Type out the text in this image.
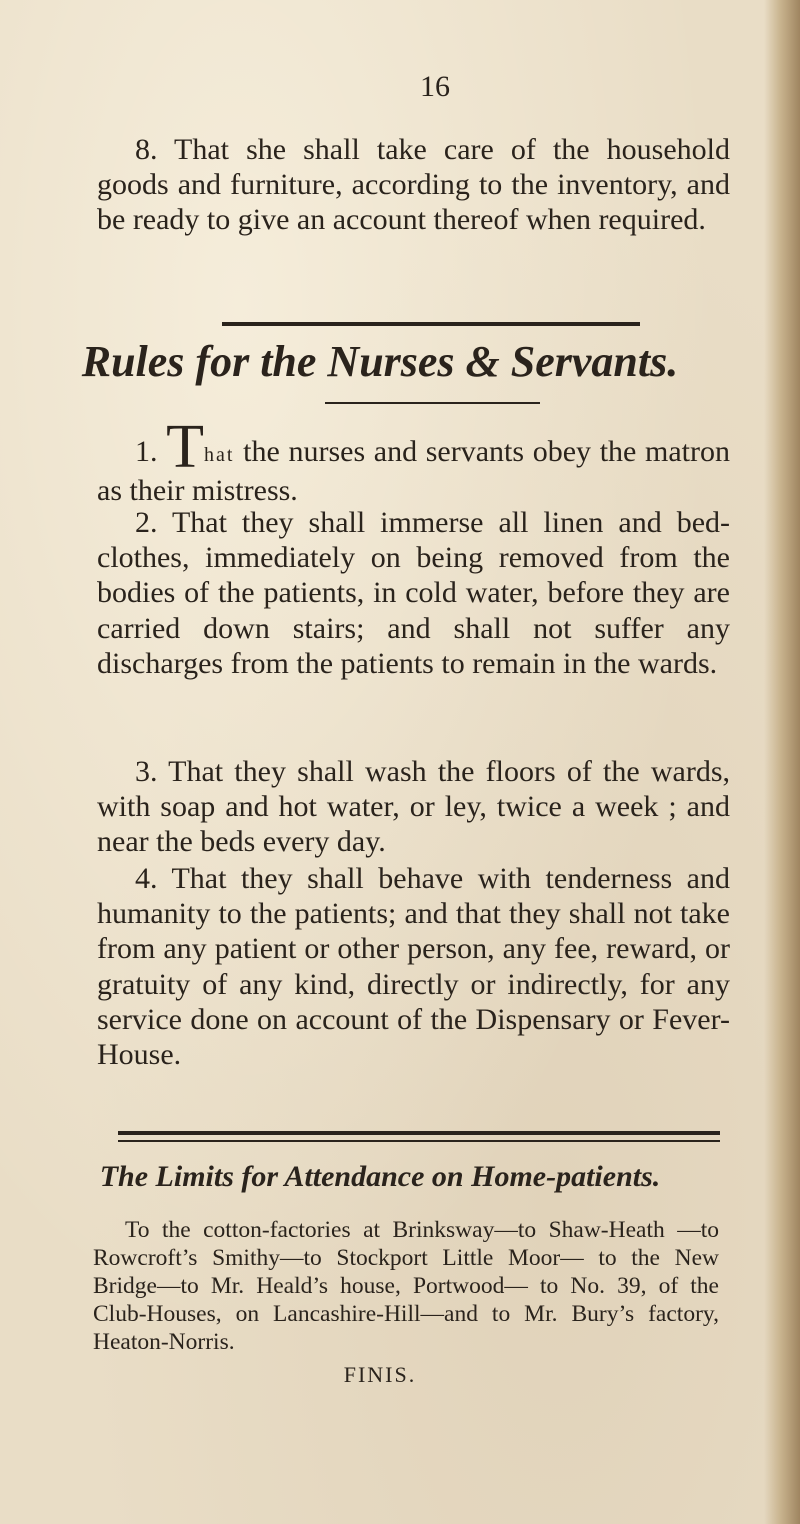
16

8. That she shall take care of the household goods and furniture, according to the inventory, and be ready to give an account thereof when required.

Rules for the Nurses & Servants.

1. That the nurses and servants obey the matron as their mistress.

2. That they shall immerse all linen and bed-clothes, immediately on being removed from the bodies of the patients, in cold water, before they are carried down stairs; and shall not suffer any discharges from the patients to remain in the wards.

3. That they shall wash the floors of the wards, with soap and hot water, or ley, twice a week ; and near the beds every day.

4. That they shall behave with tenderness and humanity to the patients; and that they shall not take from any patient or other person, any fee, reward, or gratuity of any kind, directly or indirectly, for any service done on account of the Dispensary or Fever-House.

The Limits for Attendance on Home-patients.

To the cotton-factories at Brinksway—to Shaw-Heath —to Rowcroft’s Smithy—to Stockport Little Moor— to the New Bridge—to Mr. Heald’s house, Portwood— to No. 39, of the Club-Houses, on Lancashire-Hill—and to Mr. Bury’s factory, Heaton-Norris.

FINIS.
